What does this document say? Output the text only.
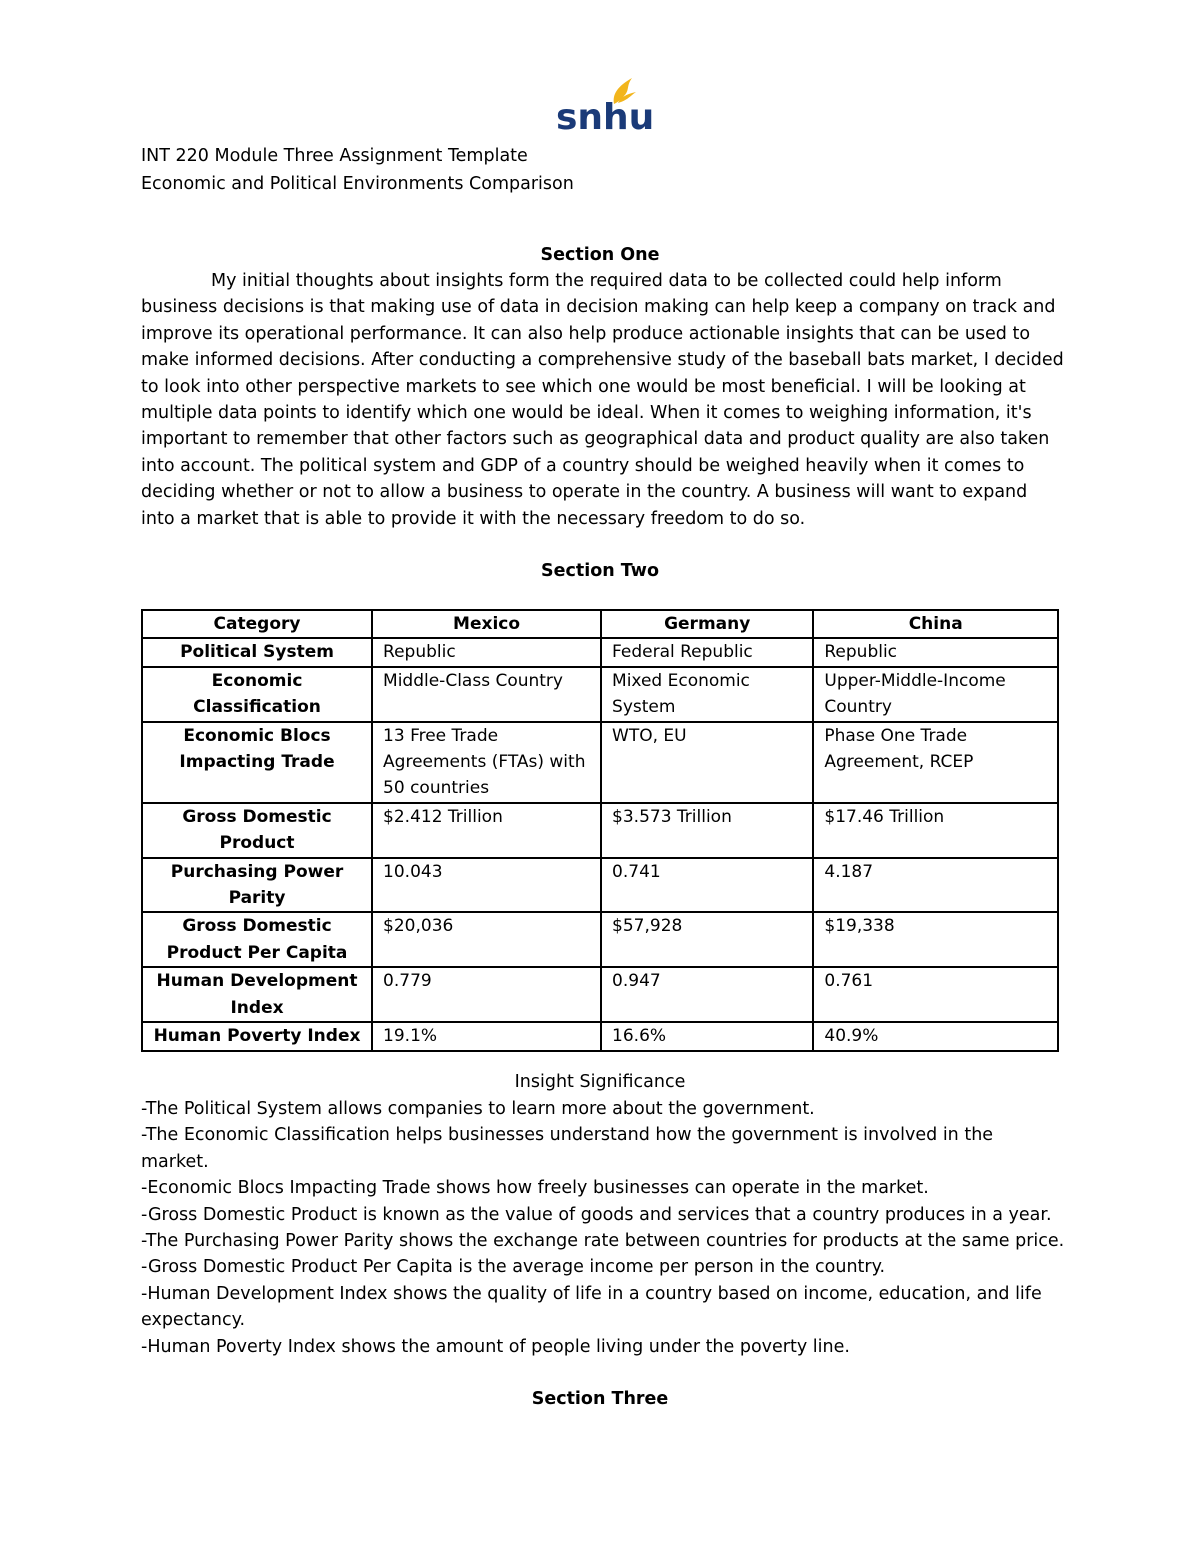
snhu
INT 220 Module Three Assignment Template
Economic and Political Environments Comparison
Section One

My initial thoughts about insights form the required data to be collected could help inform business decisions is that making use of data in decision making can help keep a company on track and improve its operational performance. It can also help produce actionable insights that can be used to make informed decisions. After conducting a comprehensive study of the baseball bats market, I decided to look into other perspective markets to see which one would be most beneficial. I will be looking at multiple data points to identify which one would be ideal. When it comes to weighing information, it's important to remember that other factors such as geographical data and product quality are also taken into account. The political system and GDP of a country should be weighed heavily when it comes to deciding whether or not to allow a business to operate in the country. A business will want to expand into a market that is able to provide it with the necessary freedom to do so.

Section Two
Category	Mexico	Germany	China
Political System	Republic	Federal Republic	Republic
Economic Classification	Middle-Class Country	Mixed Economic System	Upper-Middle-Income Country
Economic Blocs Impacting Trade	13 Free Trade Agreements (FTAs) with 50 countries	WTO, EU	Phase One Trade Agreement, RCEP
Gross Domestic Product	$2.412 Trillion	$3.573 Trillion	$17.46 Trillion
Purchasing Power Parity	10.043	0.741	4.187
Gross Domestic Product Per Capita	$20,036	$57,928	$19,338
Human Development Index	0.779	0.947	0.761
Human Poverty Index	19.1%	16.6%	40.9%
Insight Significance
-The Political System allows companies to learn more about the government.
-The Economic Classification helps businesses understand how the government is involved in the market.
-Economic Blocs Impacting Trade shows how freely businesses can operate in the market.
-Gross Domestic Product is known as the value of goods and services that a country produces in a year.
-The Purchasing Power Parity shows the exchange rate between countries for products at the same price.
-Gross Domestic Product Per Capita is the average income per person in the country.
-Human Development Index shows the quality of life in a country based on income, education, and life expectancy.
-Human Poverty Index shows the amount of people living under the poverty line.
Section Three
